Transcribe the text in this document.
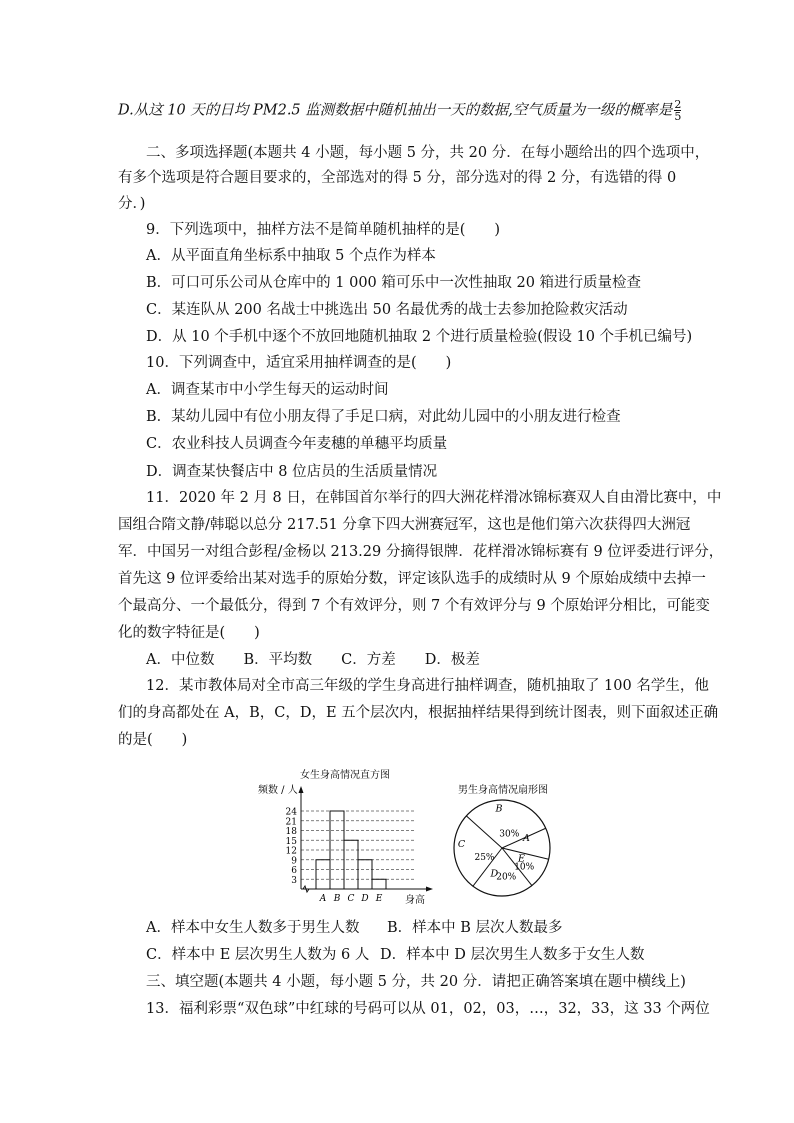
D.从这 10 天的日均 PM2.5 监测数据中随机抽出一天的数据,空气质量为一级的概率是 $\frac{2}{5}$
二、多项选择题(本题共 4 小题，每小题 5 分，共 20 分．在每小题给出的四个选项中，
有多个选项是符合题目要求的，全部选对的得 5 分，部分选对的得 2 分，有选错的得 0
分．)
9．下列选项中，抽样方法不是简单随机抽样的是(　　)
A．从平面直角坐标系中抽取 5 个点作为样本
B．可口可乐公司从仓库中的 1 000 箱可乐中一次性抽取 20 箱进行质量检查
C．某连队从 200 名战士中挑选出 50 名最优秀的战士去参加抢险救灾活动
D．从 10 个手机中逐个不放回地随机抽取 2 个进行质量检验(假设 10 个手机已编号)
10．下列调查中，适宜采用抽样调查的是(　　)
A．调查某市中小学生每天的运动时间
B．某幼儿园中有位小朋友得了手足口病，对此幼儿园中的小朋友进行检查
C．农业科技人员调查今年麦穗的单穗平均质量
D．调查某快餐店中 8 位店员的生活质量情况
11．2020 年 2 月 8 日，在韩国首尔举行的四大洲花样滑冰锦标赛双人自由滑比赛中，中
国组合隋文静/韩聪以总分 217.51 分拿下四大洲赛冠军，这也是他们第六次获得四大洲冠
军．中国另一对组合彭程/金杨以 213.29 分摘得银牌．花样滑冰锦标赛有 9 位评委进行评分，
首先这 9 位评委给出某对选手的原始分数，评定该队选手的成绩时从 9 个原始成绩中去掉一
个最高分、一个最低分，得到 7 个有效评分，则 7 个有效评分与 9 个原始评分相比，可能变
化的数字特征是(　　)
A．中位数　　B．平均数　　C．方差　　D．极差
12．某市教体局对全市高三年级的学生身高进行抽样调查，随机抽取了 100 名学生，他
们的身高都处在 A，B，C，D，E 五个层次内，根据抽样结果得到统计图表，则下面叙述正确
的是(　　)
女生身高情况直方图
频数 / 人
身高
3
6
9
12
15
18
21
24
A B C D E
男生身高情况扇形图
B
30% A
E
10%
D
20%
C
25%
A．样本中女生人数多于男生人数 B．样本中 B 层次人数最多
C．样本中 E 层次男生人数为 6 人 D．样本中 D 层次男生人数多于女生人数
三、填空题(本题共 4 小题，每小题 5 分，共 20 分．请把正确答案填在题中横线上)
13．福利彩票“双色球”中红球的号码可以从 01，02，03，…，32，33，这 33 个两位
